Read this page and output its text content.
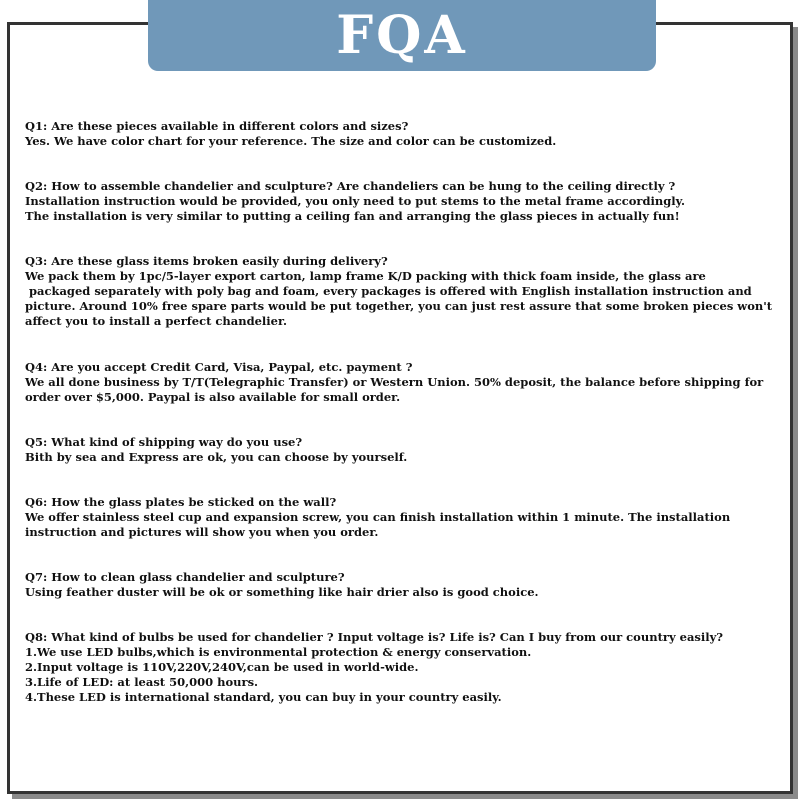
FQA
Q1: Are these pieces available in different colors and sizes?
Yes. We have color chart for your reference. The size and color can be customized.
Q2: How to assemble chandelier and sculpture? Are chandeliers can be hung to the ceiling directly ?
Installation instruction would be provided, you only need to put stems to the metal frame accordingly.
The installation is very similar to putting a ceiling fan and arranging the glass pieces in actually fun!
Q3: Are these glass items broken easily during delivery?
We pack them by 1pc/5-layer export carton, lamp frame K/D packing with thick foam inside, the glass are
packaged separately with poly bag and foam, every packages is offered with English installation instruction and
picture. Around 10% free spare parts would be put together, you can just rest assure that some broken pieces won't
affect you to install a perfect chandelier.
Q4: Are you accept Credit Card, Visa, Paypal, etc. payment ?
We all done business by T/T(Telegraphic Transfer) or Western Union. 50% deposit, the balance before shipping for
order over $5,000. Paypal is also available for small order.
Q5: What kind of shipping way do you use?
Bith by sea and Express are ok, you can choose by yourself.
Q6: How the glass plates be sticked on the wall?
We offer stainless steel cup and expansion screw, you can finish installation within 1 minute. The installation
instruction and pictures will show you when you order.
Q7: How to clean glass chandelier and sculpture?
Using feather duster will be ok or something like hair drier also is good choice.
Q8: What kind of bulbs be used for chandelier ? Input voltage is? Life is? Can I buy from our country easily?
1.We use LED bulbs,which is environmental protection & energy conservation.
2.Input voltage is 110V,220V,240V,can be used in world-wide.
3.Life of LED: at least 50,000 hours.
4.These LED is international standard, you can buy in your country easily.
